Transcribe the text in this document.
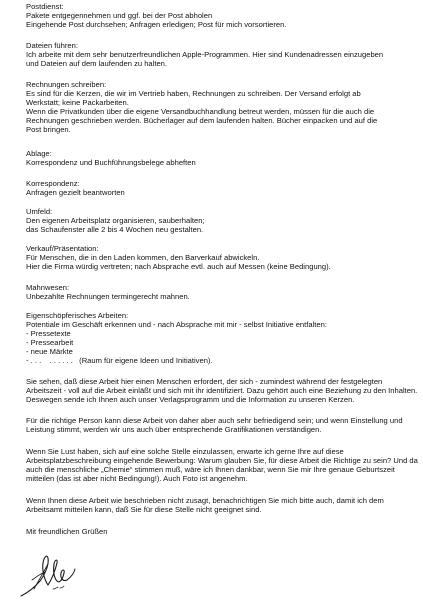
Postdienst:

Pakete entgegennehmen und ggf. bei der Post abholen

Eingehende Post durchsehen; Anfragen erledigen; Post für mich vorsortieren.

Dateien führen:

Ich arbeite mit dem sehr benutzerfreundlichen Apple-Programmen. Hier sind Kundenadressen einzugeben

und Dateien auf dem laufenden zu halten.

Rechnungen schreiben:

Es sind für die Kerzen, die wir im Vertrieb haben, Rechnungen zu schreiben. Der Versand erfolgt ab

Werkstatt; keine Packarbeiten.

Wenn die Privatkunden über die eigene Versandbuchhandlung betreut werden, müssen für die auch die

Rechnungen geschrieben werden. Bücherlager auf dem laufenden halten. Bücher einpacken und auf die

Post bringen.

Ablage:

Korrespondenz und Buchführungsbelege abheften

Korrespondenz:

Anfragen gezielt beantworten

Umfeld:

Den eigenen Arbeitsplatz organisieren, sauberhalten;

das Schaufenster alle 2 bis 4 Wochen neu gestalten.

Verkauf/Präsentation:

Für Menschen, die in den Laden kommen, den Barverkauf abwickeln.

Hier die Firma würdig vertreten; nach Absprache evtl. auch auf Messen (keine Bedingung).

Mahnwesen:

Unbezahlte Rechnungen termingerecht mahnen.

Eigenschöpferisches Arbeiten:

Potentiale im Geschäft erkennen und - nach Absprache mit mir - selbst Initiative entfalten:

- Pressetexte

- Pressearbeit

- neue Märkte

- . . .    . . . . . .   (Raum für eigene Ideen und Initiativen).

Sie sehen, daß diese Arbeit hier einen Menschen erfordert, der sich - zumindest während der festgelegten Arbeitszeit - voll auf die Arbeit einläßt und sich mit ihr identifiziert. Dazu gehört auch eine Beziehung zu den Inhalten. Deswegen sende ich Ihnen auch unser Verlagsprogramm und die Information zu unseren Kerzen.

Für die richtige Person kann diese Arbeit von daher aber auch sehr befriedigend sein; und wenn Einstellung und Leistung stimmt, werden wir uns auch über entsprechende Gratifikationen verständigen.

Wenn Sie Lust haben, sich auf eine solche Stelle einzulassen, erwarte ich gerne Ihre auf diese Arbeitsplatzbeschreibung eingehende Bewerbung: Warum glauben Sie, für diese Arbeit die Richtige zu sein? Und da auch die menschliche „Chemie“ stimmen muß, wäre ich Ihnen dankbar, wenn Sie mir Ihre genaue Geburtszeit mitteilen (das ist aber nicht Bedingung!). Auch Foto ist angenehm.

Wenn Ihnen diese Arbeit wie beschrieben nicht zusagt, benachrichtigen Sie mich bitte auch, damit ich dem Arbeitsamt mitteilen kann, daß Sie für diese Stelle nicht geeignet sind.

Mit freundlichen Grüßen
